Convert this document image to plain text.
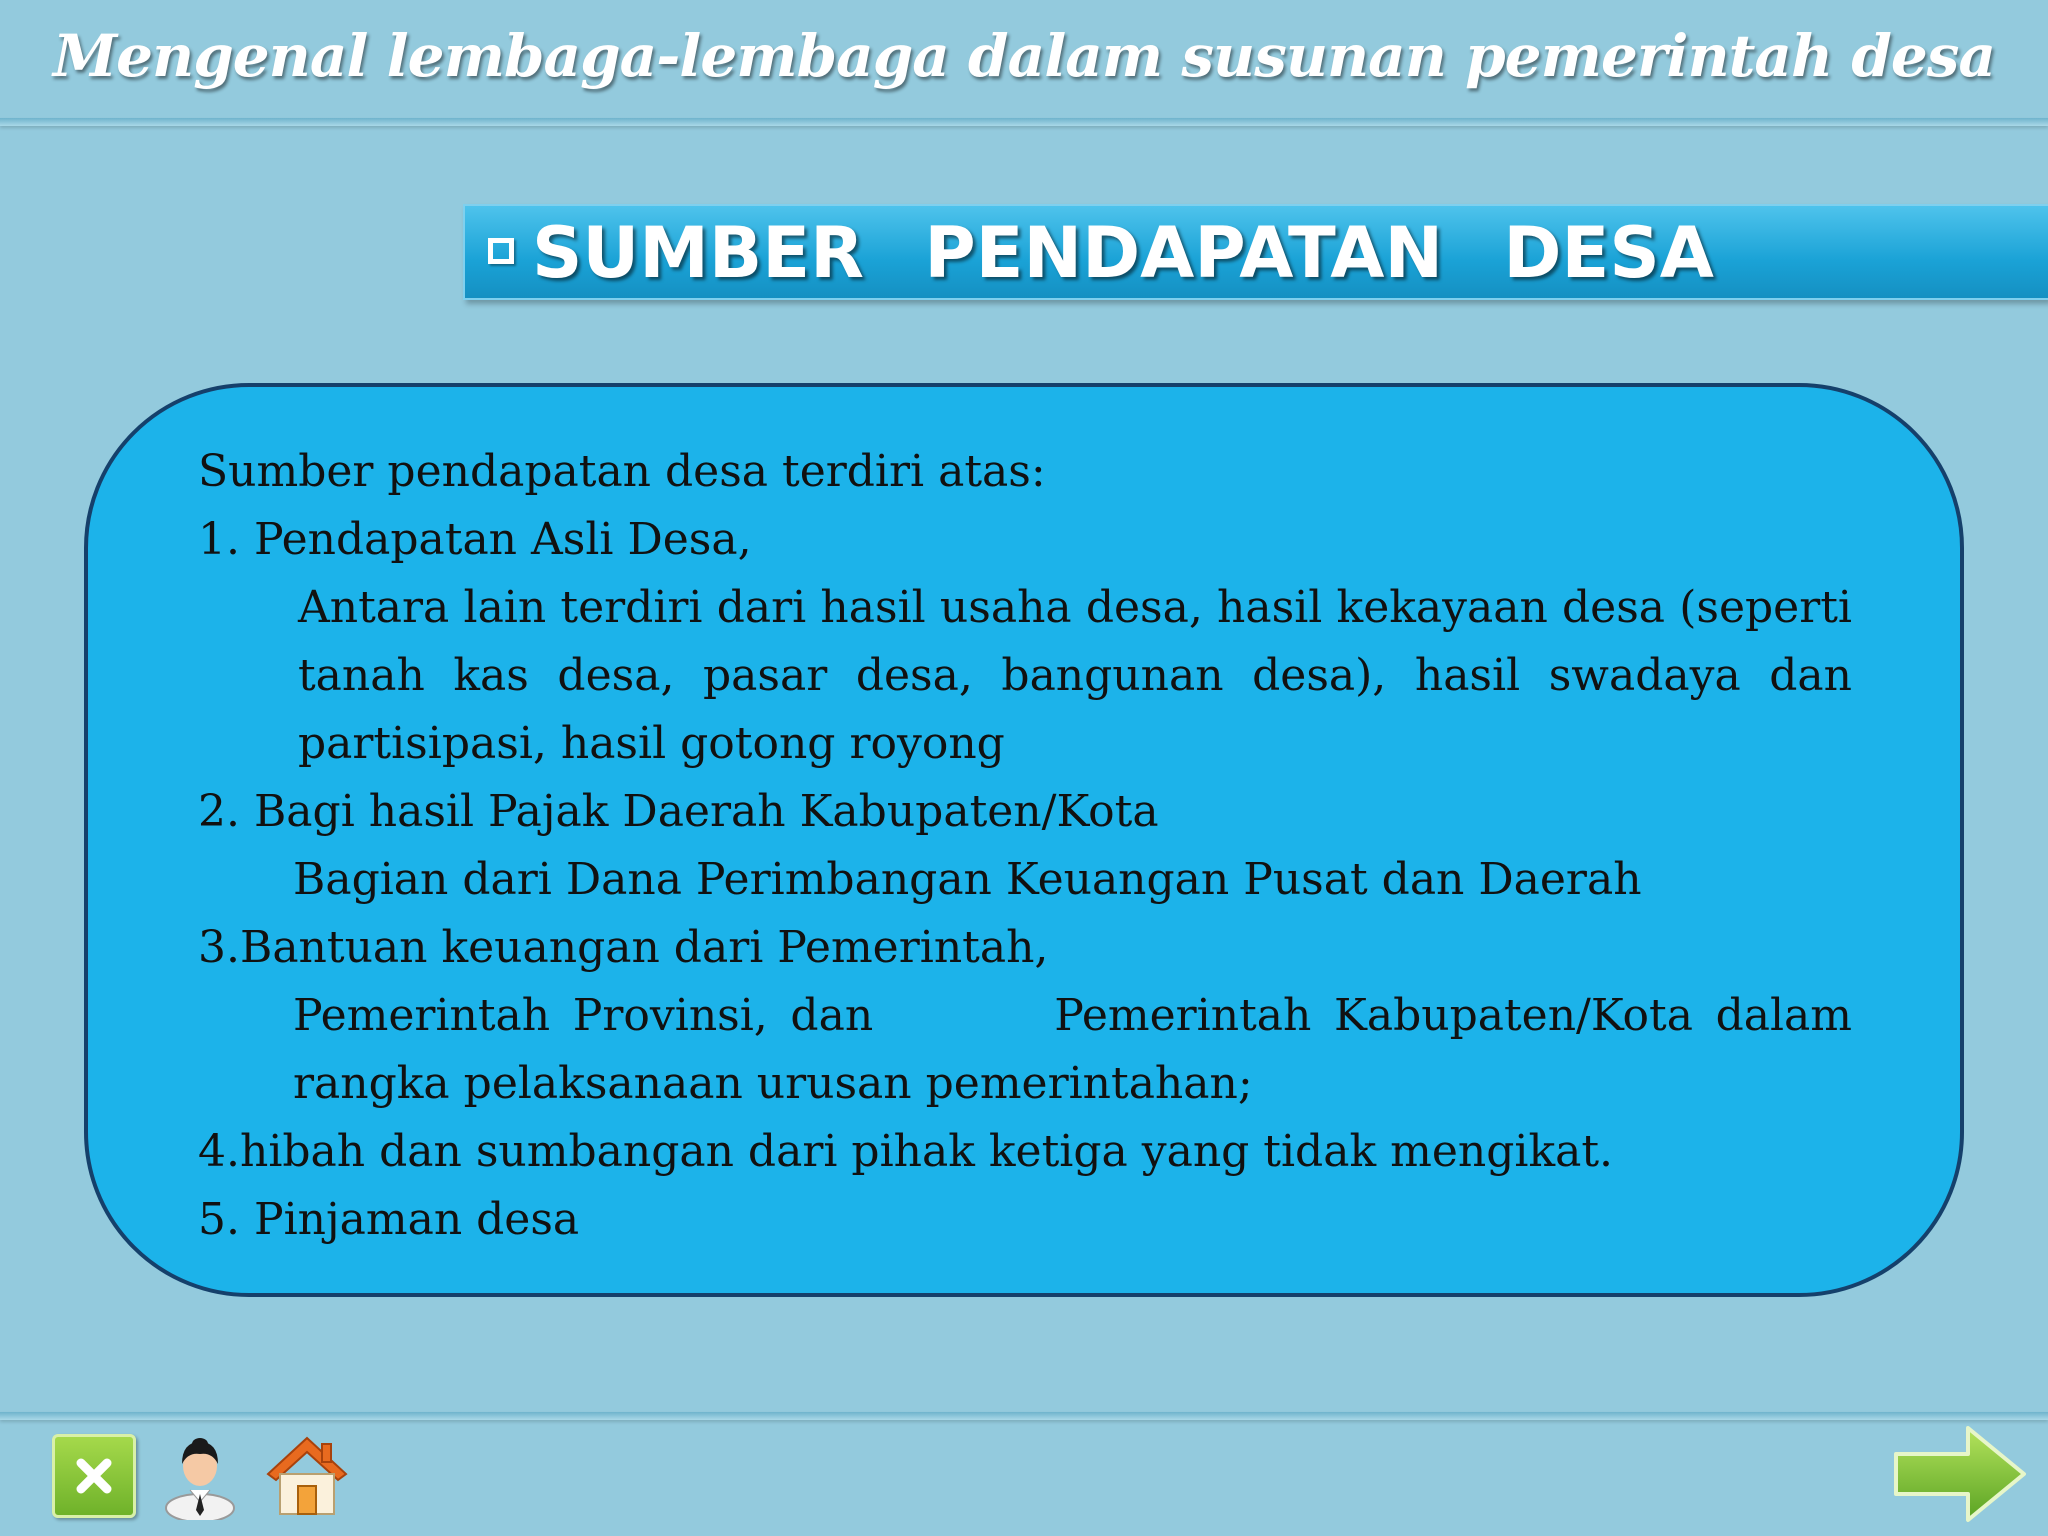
Mengenal lembaga-lembaga dalam susunan pemerintah desa
SUMBER PENDAPATAN DESA
Sumber pendapatan desa terdiri atas:
1. Pendapatan Asli Desa,
Antara lain terdiri dari hasil usaha desa, hasil kekayaan desa (seperti tanah kas desa, pasar desa, bangunan desa), hasil swadaya dan partisipasi, hasil gotong royong
2. Bagi hasil Pajak Daerah Kabupaten/Kota
Bagian dari Dana Perimbangan Keuangan Pusat dan Daerah
3.Bantuan keuangan dari Pemerintah,
Pemerintah Provinsi, dan        Pemerintah Kabupaten/Kota dalam rangka pelaksanaan urusan pemerintahan;
4.hibah dan sumbangan dari pihak ketiga yang tidak mengikat.
5. Pinjaman desa
